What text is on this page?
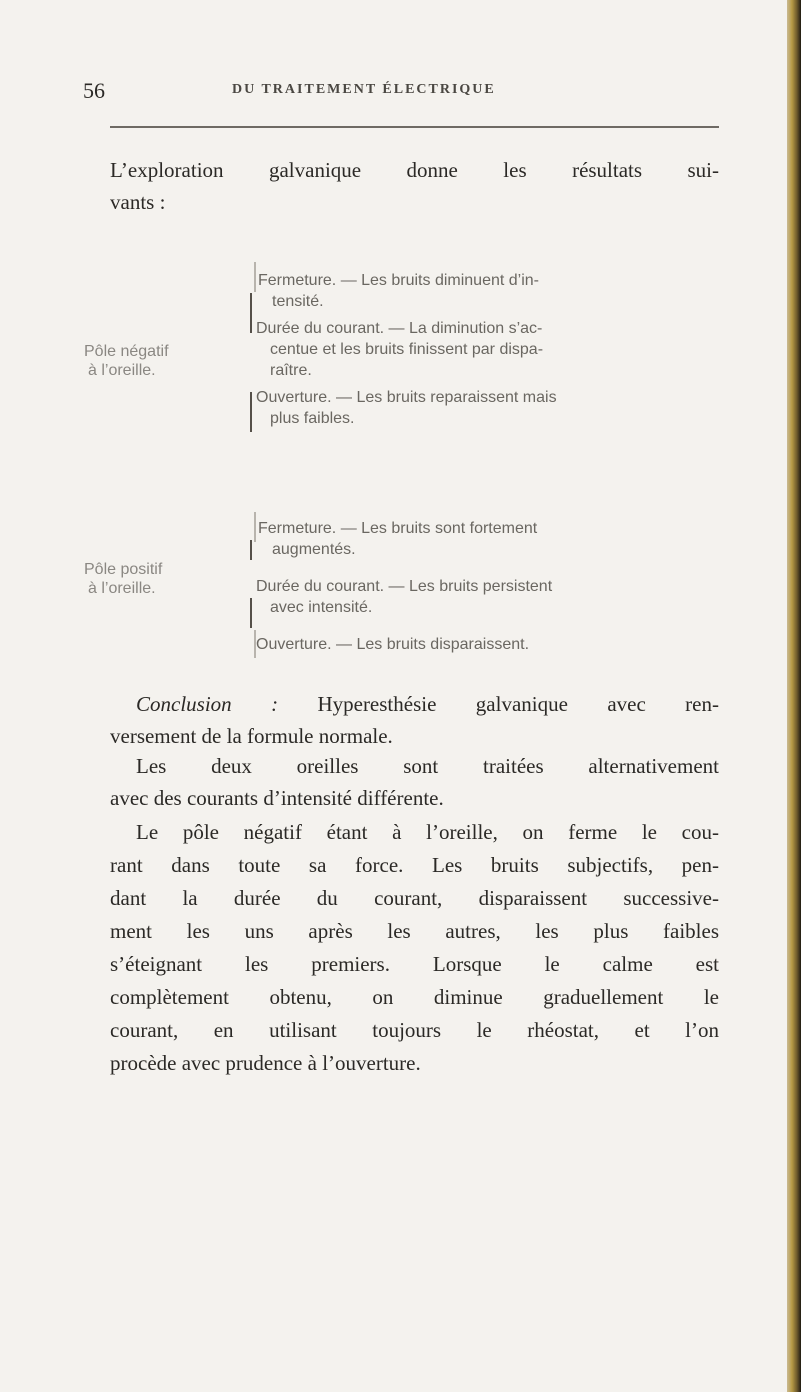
56	DU TRAITEMENT ÉLECTRIQUE

L’exploration galvanique donne les résultats sui-
vants :

Pôle négatif
à l’oreille.
Fermeture. — Les bruits diminuent d’in-
tensité.
Durée du courant. — La diminution s’ac-
centue et les bruits finissent par dispa-
raître.
Ouverture. — Les bruits reparaissent mais
plus faibles.
Pôle positif
à l’oreille.
Fermeture. — Les bruits sont fortement
augmentés.
Durée du courant. — Les bruits persistent
avec intensité.
Ouverture. — Les bruits disparaissent.

Conclusion : Hyperesthésie galvanique avec ren-
versement de la formule normale.

Les deux oreilles sont traitées alternativement
avec des courants d’intensité différente.

Le pôle négatif étant à l’oreille, on ferme le cou-
rant dans toute sa force. Les bruits subjectifs, pen-
dant la durée du courant, disparaissent successive-
ment les uns après les autres, les plus faibles
s’éteignant les premiers. Lorsque le calme est
complètement obtenu, on diminue graduellement le
courant, en utilisant toujours le rhéostat, et l’on
procède avec prudence à l’ouverture.
